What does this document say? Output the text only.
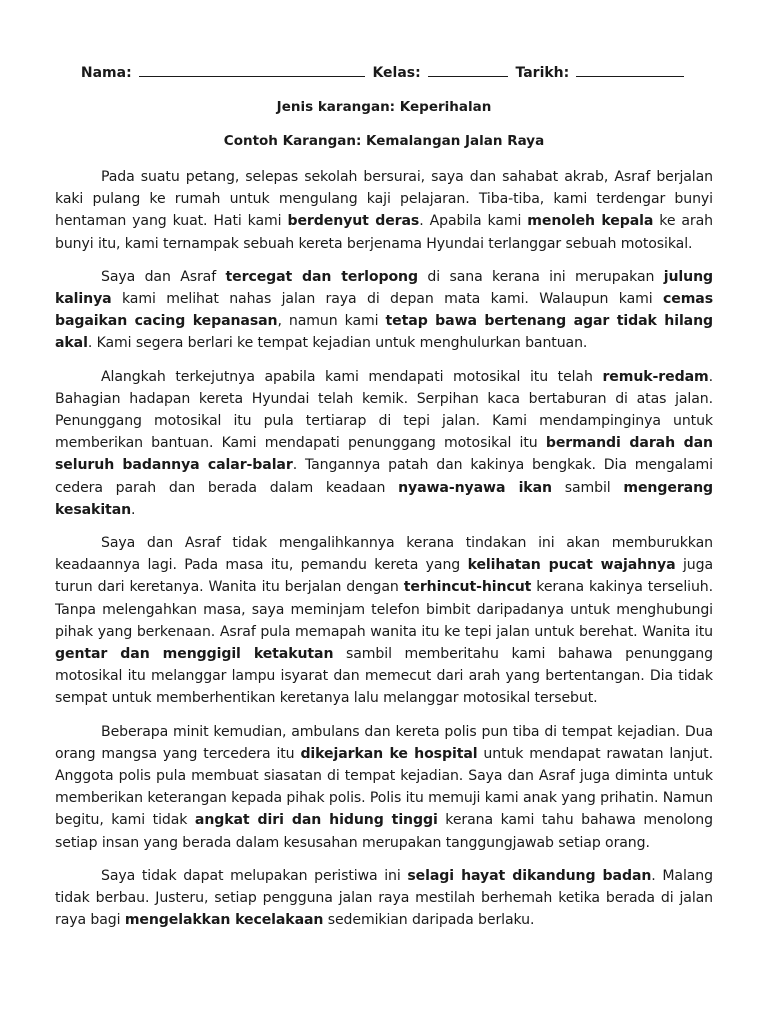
Nama:	Kelas:	Tarikh:
Jenis karangan: Keperihalan
Contoh Karangan: Kemalangan Jalan Raya

Pada suatu petang, selepas sekolah bersurai, saya dan sahabat akrab, Asraf berjalan kaki pulang ke rumah untuk mengulang kaji pelajaran. Tiba-tiba, kami terdengar bunyi hentaman yang kuat. Hati kami berdenyut deras. Apabila kami menoleh kepala ke arah bunyi itu, kami ternampak sebuah kereta berjenama Hyundai terlanggar sebuah motosikal.

Saya dan Asraf tercegat dan terlopong di sana kerana ini merupakan julung kalinya kami melihat nahas jalan raya di depan mata kami. Walaupun kami cemas bagaikan cacing kepanasan, namun kami tetap bawa bertenang agar tidak hilang akal. Kami segera berlari ke tempat kejadian untuk menghulurkan bantuan.

Alangkah terkejutnya apabila kami mendapati motosikal itu telah remuk-redam. Bahagian hadapan kereta Hyundai telah kemik. Serpihan kaca bertaburan di atas jalan. Penunggang motosikal itu pula tertiarap di tepi jalan. Kami mendampinginya untuk memberikan bantuan. Kami mendapati penunggang motosikal itu bermandi darah dan seluruh badannya calar-balar. Tangannya patah dan kakinya bengkak. Dia mengalami cedera parah dan berada dalam keadaan nyawa-nyawa ikan sambil mengerang kesakitan.

Saya dan Asraf tidak mengalihkannya kerana tindakan ini akan memburukkan keadaannya lagi. Pada masa itu, pemandu kereta yang kelihatan pucat wajahnya juga turun dari keretanya. Wanita itu berjalan dengan terhincut-hincut kerana kakinya terseliuh. Tanpa melengahkan masa, saya meminjam telefon bimbit daripadanya untuk menghubungi pihak yang berkenaan. Asraf pula memapah wanita itu ke tepi jalan untuk berehat. Wanita itu gentar dan menggigil ketakutan sambil memberitahu kami bahawa penunggang motosikal itu melanggar lampu isyarat dan memecut dari arah yang bertentangan. Dia tidak sempat untuk memberhentikan keretanya lalu melanggar motosikal tersebut.

Beberapa minit kemudian, ambulans dan kereta polis pun tiba di tempat kejadian. Dua orang mangsa yang tercedera itu dikejarkan ke hospital untuk mendapat rawatan lanjut. Anggota polis pula membuat siasatan di tempat kejadian. Saya dan Asraf juga diminta untuk memberikan keterangan kepada pihak polis. Polis itu memuji kami anak yang prihatin. Namun begitu, kami tidak angkat diri dan hidung tinggi kerana kami tahu bahawa menolong setiap insan yang berada dalam kesusahan merupakan tanggungjawab setiap orang.

Saya tidak dapat melupakan peristiwa ini selagi hayat dikandung badan. Malang tidak berbau. Justeru, setiap pengguna jalan raya mestilah berhemah ketika berada di jalan raya bagi mengelakkan kecelakaan sedemikian daripada berlaku.
